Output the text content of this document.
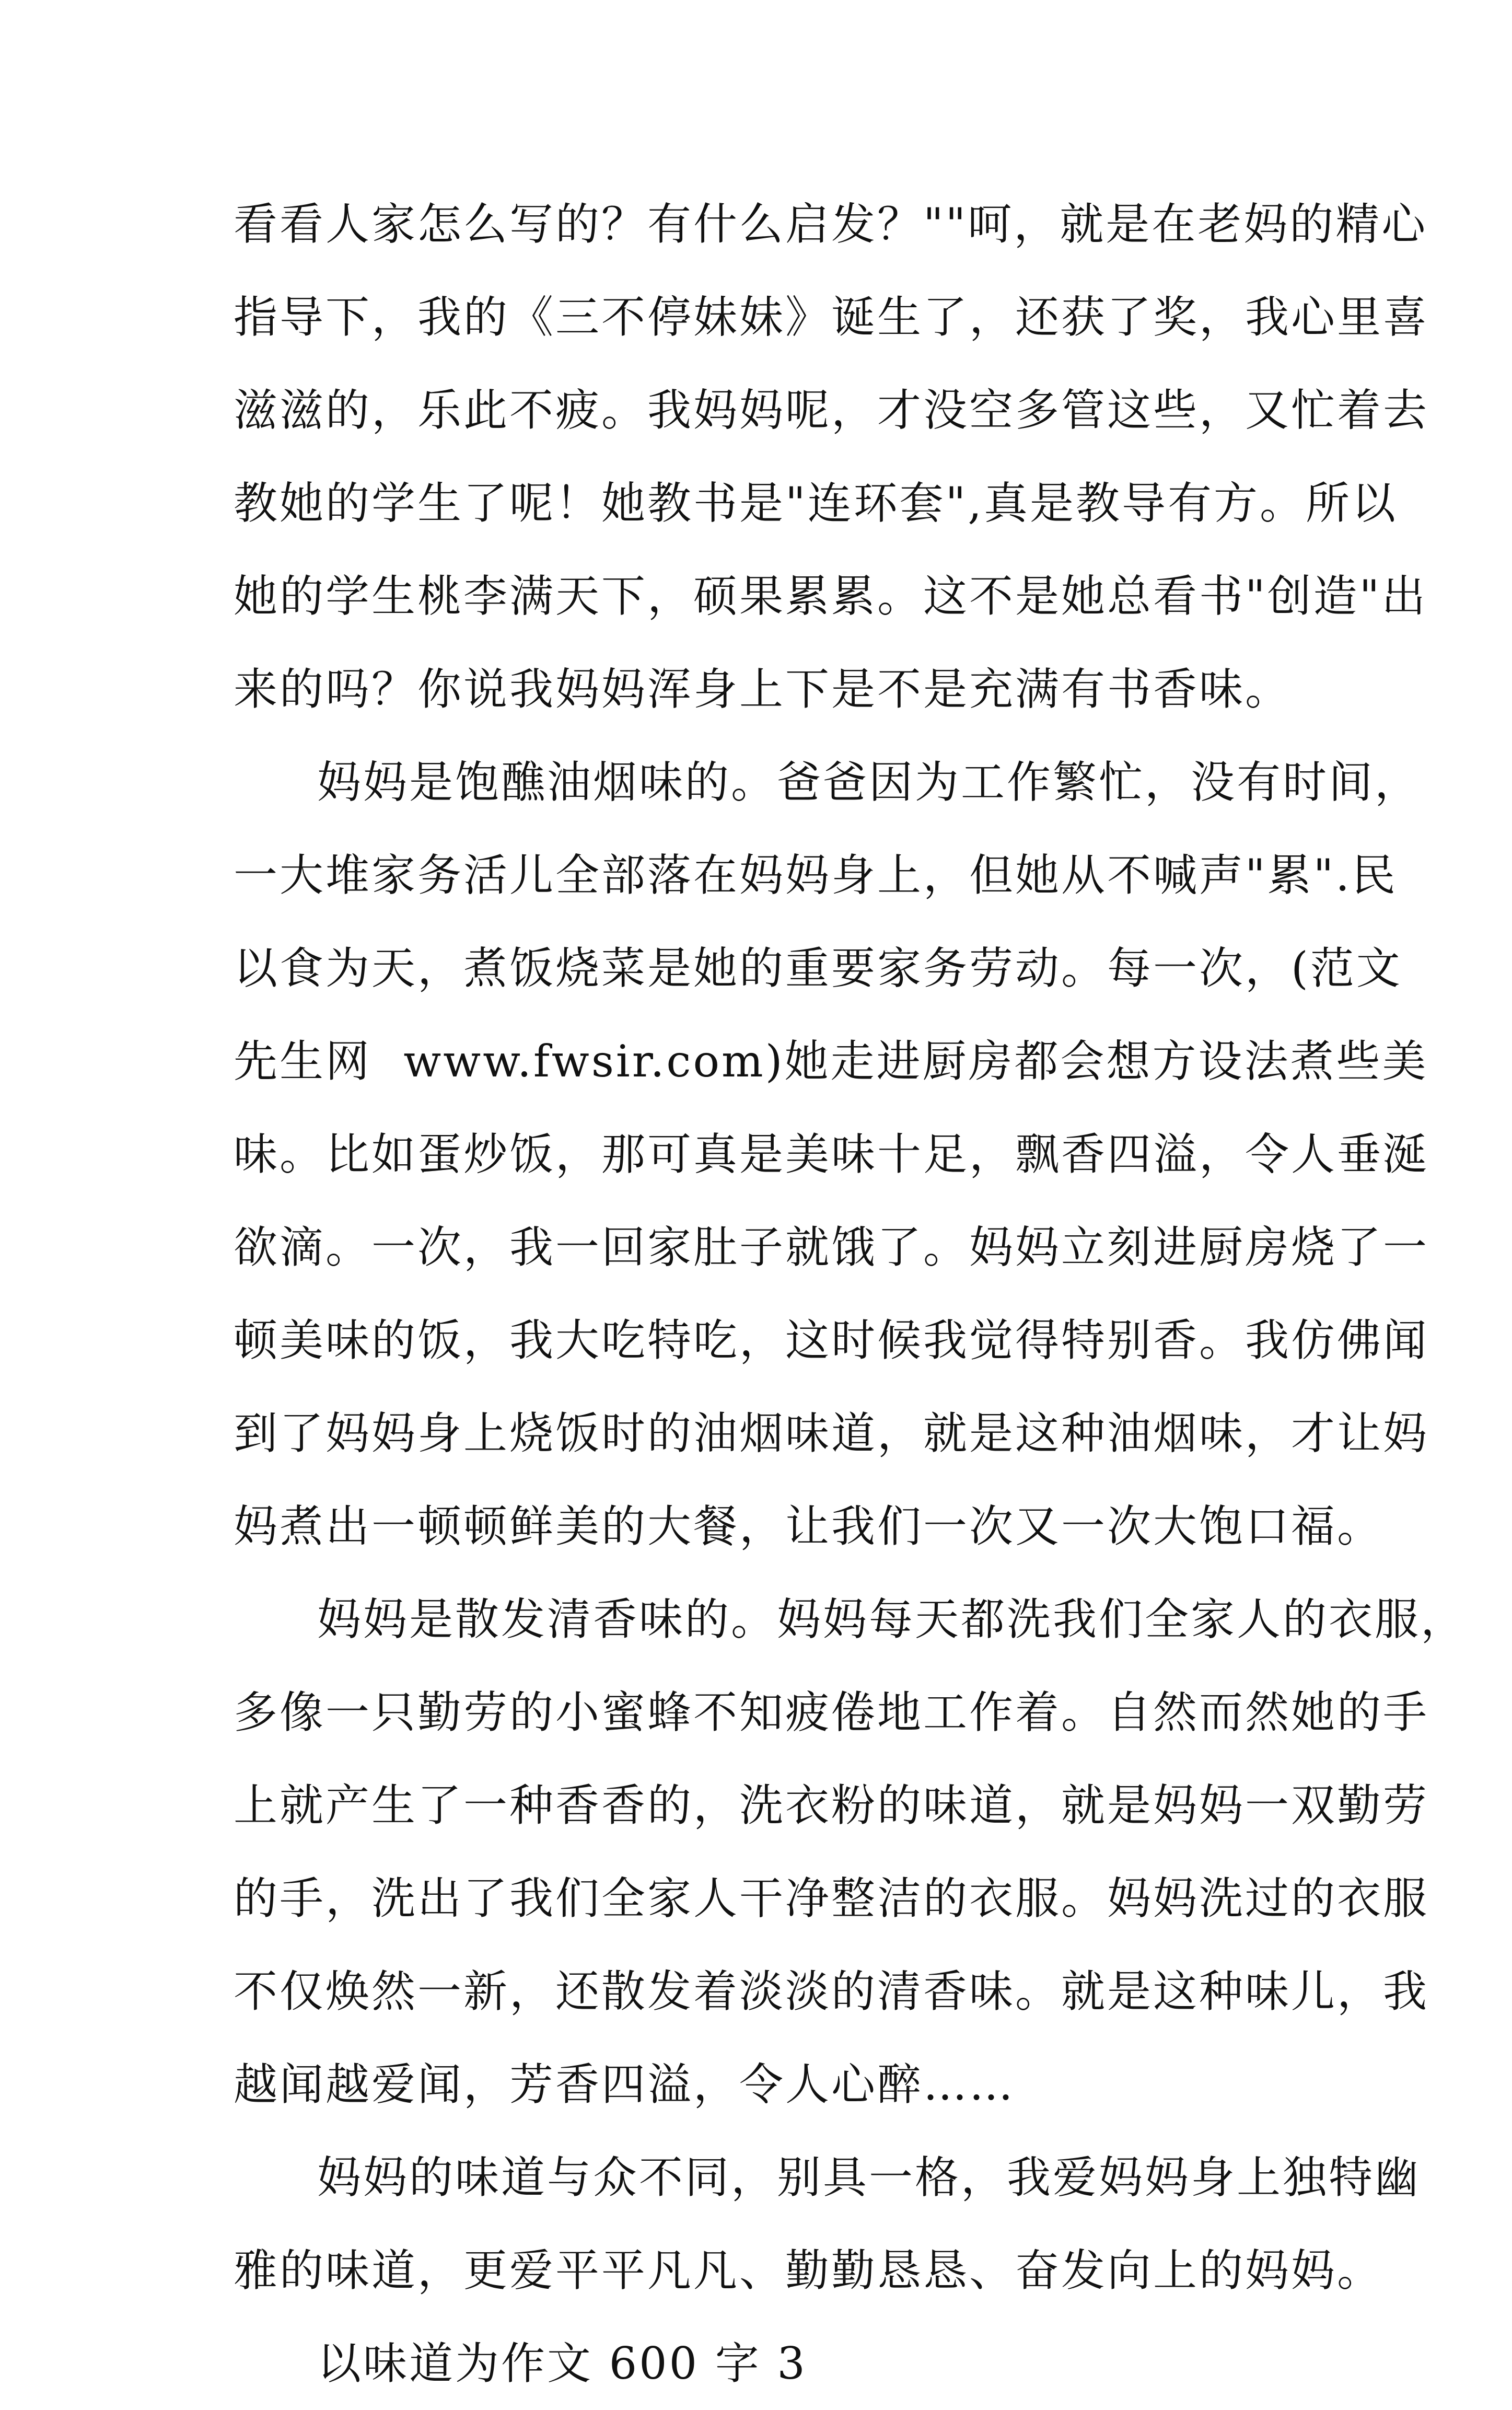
看看人家怎么写的？有什么启发？""呵，就是在老妈的精心
指导下，我的《三不停妹妹》诞生了，还获了奖，我心里喜
滋滋的，乐此不疲。我妈妈呢，才没空多管这些，又忙着去
教她的学生了呢！她教书是"连环套",真是教导有方。所以
她的学生桃李满天下，硕果累累。这不是她总看书"创造"出
来的吗？你说我妈妈浑身上下是不是充满有书香味。
妈妈是饱醮油烟味的。爸爸因为工作繁忙，没有时间，
一大堆家务活儿全部落在妈妈身上，但她从不喊声"累".民
以食为天，煮饭烧菜是她的重要家务劳动。每一次，(范文
先生网  www.fwsir.com)她走进厨房都会想方设法煮些美
味。比如蛋炒饭，那可真是美味十足，飘香四溢，令人垂涎
欲滴。一次，我一回家肚子就饿了。妈妈立刻进厨房烧了一
顿美味的饭，我大吃特吃，这时候我觉得特别香。我仿佛闻
到了妈妈身上烧饭时的油烟味道，就是这种油烟味，才让妈
妈煮出一顿顿鲜美的大餐，让我们一次又一次大饱口福。
妈妈是散发清香味的。妈妈每天都洗我们全家人的衣服，
多像一只勤劳的小蜜蜂不知疲倦地工作着。自然而然她的手
上就产生了一种香香的，洗衣粉的味道，就是妈妈一双勤劳
的手，洗出了我们全家人干净整洁的衣服。妈妈洗过的衣服
不仅焕然一新，还散发着淡淡的清香味。就是这种味儿，我
越闻越爱闻，芳香四溢，令人心醉……
妈妈的味道与众不同，别具一格，我爱妈妈身上独特幽
雅的味道，更爱平平凡凡、勤勤恳恳、奋发向上的妈妈。
以味道为作文 600 字 3
